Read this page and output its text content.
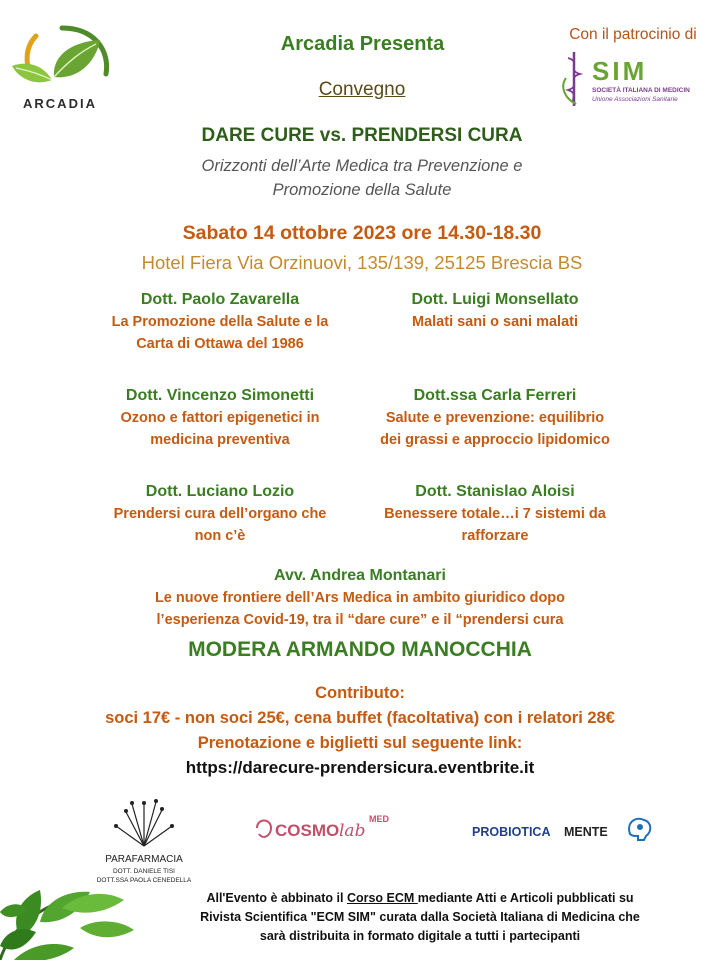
ARCADIA
Arcadia Presenta
Convegno
Con il patrocinio di
SIM
SOCIETÀ ITALIANA DI MEDICINA
Unione Associazioni Sanitarie
DARE CURE vs. PRENDERSI CURA
Orizzonti dell’Arte Medica tra Prevenzione e
Promozione della Salute
Sabato 14 ottobre 2023 ore 14.30-18.30
Hotel Fiera Via Orzinuovi, 135/139, 25125 Brescia BS
Dott. Paolo Zavarella
La Promozione della Salute e la
Carta di Ottawa del 1986
Dott. Luigi Monsellato
Malati sani o sani malati
Dott. Vincenzo Simonetti
Ozono e fattori epigenetici in
medicina preventiva
Dott.ssa Carla Ferreri
Salute e prevenzione: equilibrio
dei grassi e approccio lipidomico
Dott. Luciano Lozio
Prendersi cura dell’organo che
non c’è
Dott. Stanislao Aloisi
Benessere totale…i 7 sistemi da
rafforzare
Avv. Andrea Montanari
Le nuove frontiere dell’Ars Medica in ambito giuridico dopo
l’esperienza Covid-19, tra il “dare cure” e il “prendersi cura
MODERA ARMANDO MANOCCHIA
Contributo:
soci 17€ - non soci 25€, cena buffet (facoltativa) con i relatori 28€
Prenotazione e biglietti sul seguente link:
https://darecure-prendersicura.eventbrite.it
PARAFARMACIA
DOTT. DANIELE TISI
DOTT.SSA PAOLA CENEDELLA
COSMO lab
MED
PROBIOTICA MENTE
All'Evento è abbinato il Corso ECM mediante Atti e Articoli pubblicati su
Rivista Scientifica "ECM SIM" curata dalla Società Italiana di Medicina che
sarà distribuita in formato digitale a tutti i partecipanti
